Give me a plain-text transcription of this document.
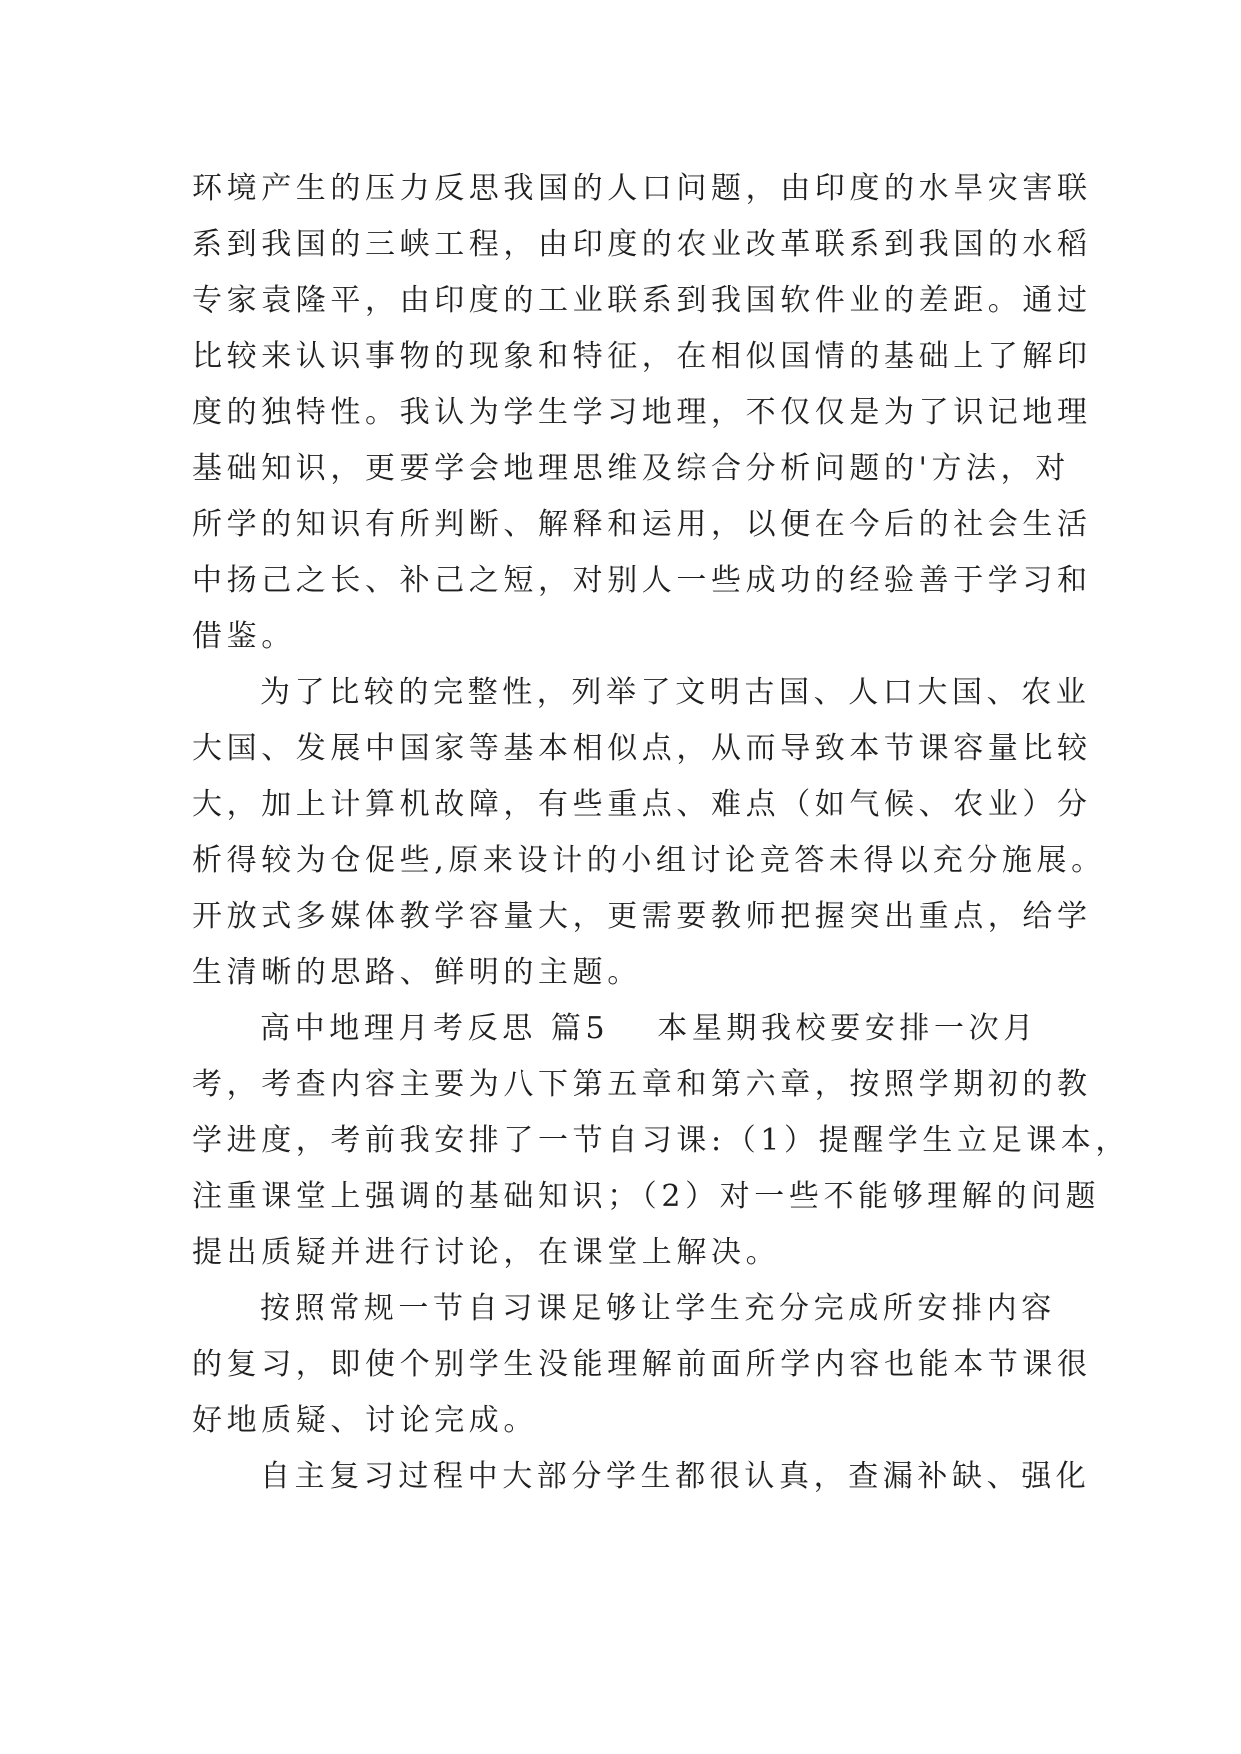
环境产生的压力反思我国的人口问题，由印度的水旱灾害联
系到我国的三峡工程，由印度的农业改革联系到我国的水稻
专家袁隆平，由印度的工业联系到我国软件业的差距。通过
比较来认识事物的现象和特征，在相似国情的基础上了解印
度的独特性。我认为学生学习地理，不仅仅是为了识记地理
基础知识，更要学会地理思维及综合分析问题的'方法，对
所学的知识有所判断、解释和运用，以便在今后的社会生活
中扬己之长、补己之短，对别人一些成功的经验善于学习和
借鉴。
为了比较的完整性，列举了文明古国、人口大国、农业
大国、发展中国家等基本相似点，从而导致本节课容量比较
大，加上计算机故障，有些重点、难点（如气候、农业）分
析得较为仓促些,原来设计的小组讨论竞答未得以充分施展。
开放式多媒体教学容量大，更需要教师把握突出重点，给学
生清晰的思路、鲜明的主题。
高中地理月考反思 篇5 本星期我校要安排一次月
考，考查内容主要为八下第五章和第六章，按照学期初的教
学进度，考前我安排了一节自习课:（1）提醒学生立足课本，
注重课堂上强调的基础知识；（2）对一些不能够理解的问题
提出质疑并进行讨论，在课堂上解决。
按照常规一节自习课足够让学生充分完成所安排内容
的复习，即使个别学生没能理解前面所学内容也能本节课很
好地质疑、讨论完成。
自主复习过程中大部分学生都很认真，查漏补缺、强化
